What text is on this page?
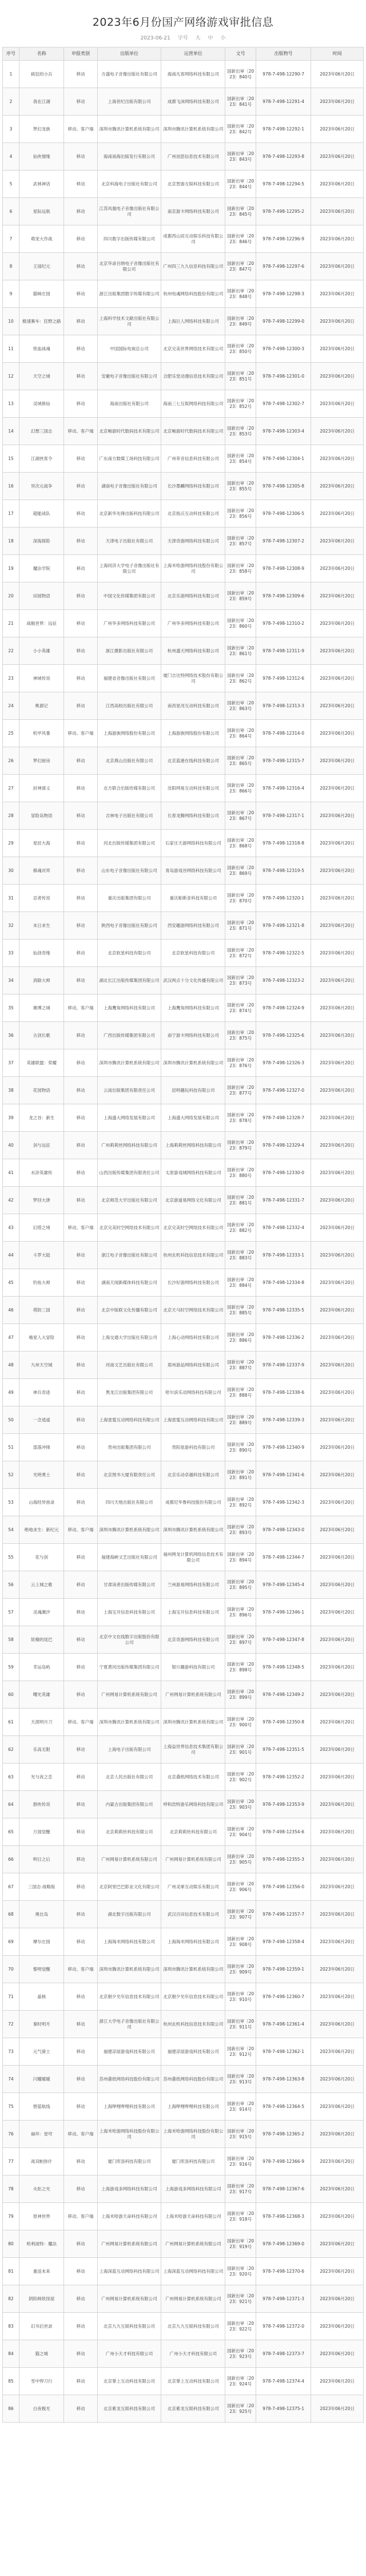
2023年6月份国产网络游戏审批信息
2023-06-21 字号 大 中 小
序号	名称	申报类别	出版单位	运营单位	文号	出版物号	时间
1	疯狂的小兵	移动	方盛电子音像出版社有限公司	海南凡客网络科技有限公司	国新出审〔2023〕840号	978-7-498-12290-7	2023年06月20日
2	我在江湖	移动	上海世纪出版有限公司	成都飞沫网络科技有限公司	国新出审〔2023〕841号	978-7-498-12291-4	2023年06月20日
3	梦幻龙族	移动、客户端	深圳市腾讯计算机系统有限公司	深圳市腾讯计算机系统有限公司	国新出审〔2023〕842号	978-7-498-12292-1	2023年06月20日
4	仙侠情缘	移动	海南南海出版发行有限公司	广州创思信息技术有限公司	国新出审〔2023〕843号	978-7-498-12293-8	2023年06月20日
5	武林神话	移动	北京科海电子出版社有限公司	北京智游互娱科技有限公司	国新出审〔2023〕844号	978-7-498-12294-5	2023年06月20日
6	星际远航	移动	江苏凤凰电子音像出版社有限公司	南京游卡网络科技有限公司	国新出审〔2023〕845号	978-7-498-12295-2	2023年06月20日
7	萌宠大作战	移动	四川数字出版传媒有限公司	成都西山居互动娱乐科技有限公司	国新出审〔2023〕846号	978-7-498-12296-9	2023年06月20日
8	王国纪元	移动	北京华录百纳电子音像出版社有限公司	广州四三九九信息科技有限公司	国新出审〔2023〕847号	978-7-498-12297-6	2023年06月20日
9	猫咪庄园	移动	浙江出版集团数字传媒有限公司	杭州电魂网络科技股份有限公司	国新出审〔2023〕848号	978-7-498-12298-3	2023年06月20日
10	极速赛车：狂野之路	移动	上海科学技术文献出版社有限公司	上海巨人网络科技有限公司	国新出审〔2023〕849号	978-7-498-12299-0	2023年06月20日
11	铁血战魂	移动	中国国际电视总公司	北京完美世界网络技术有限公司	国新出审〔2023〕850号	978-7-498-12300-3	2023年06月20日
12	天空之城	移动	安徽电子音像出版社有限公司	合肥乐堂动漫信息技术有限公司	国新出审〔2023〕851号	978-7-498-12301-0	2023年06月20日
13	灵域修仙	移动	海南出版社有限公司	海南三七互娱网络科技有限公司	国新出审〔2023〕852号	978-7-498-12302-7	2023年06月20日
14	幻想三国志	移动、客户端	北京畅游时代数码技术有限公司	北京畅游时代数码技术有限公司	国新出审〔2023〕853号	978-7-498-12303-4	2023年06月20日
15	江湖侠客令	移动	广东南方数媒工场科技有限公司	广州菲音信息科技有限公司	国新出审〔2023〕854号	978-7-498-12304-1	2023年06月20日
16	异次元战争	移动	湖南电子音像出版社有限公司	长沙墨麟网络科技有限公司	国新出审〔2023〕855号	978-7-498-12305-8	2023年06月20日
17	超能战队	移动	北京新华先锋出版科技有限公司	北京指点互动科技有限公司	国新出审〔2023〕856号	978-7-498-12306-5	2023年06月20日
18	深海探险	移动	天津电子出版社有限公司	天津奇游网络科技有限公司	国新出审〔2023〕857号	978-7-498-12307-2	2023年06月20日
19	魔法学院	移动	上海同济大学电子音像出版社有限公司	上海米哈游网络科技股份有限公司	国新出审〔2023〕858号	978-7-498-12308-9	2023年06月20日
20	田园物语	移动	中国文化传媒集团有限公司	北京乐游网络科技有限公司	国新出审〔2023〕859号	978-7-498-12309-6	2023年06月20日
21	战舰世界：远征	移动	广州华多网络科技有限公司	广州华多网络科技有限公司	国新出审〔2023〕860号	978-7-498-12310-2	2023年06月20日
22	小小英雄	移动	浙江摄影出版社有限公司	杭州盛天网络科技有限公司	国新出审〔2023〕861号	978-7-498-12311-9	2023年06月20日
23	神域传说	移动	福建省音像出版社有限公司	厦门吉比特网络技术股份有限公司	国新出审〔2023〕862号	978-7-498-12312-6	2023年06月20日
24	桃源记	移动	江西高校出版社有限公司	南昌星河互动科技有限公司	国新出审〔2023〕863号	978-7-498-12313-3	2023年06月20日
25	机甲风暴	移动、客户端	上海游族网络股份有限公司	上海游族网络股份有限公司	国新出审〔2023〕864号	978-7-498-12314-0	2023年06月20日
26	梦幻厨房	移动	北京燕山出版社有限公司	北京蓝港在线科技有限公司	国新出审〔2023〕865号	978-7-498-12315-7	2023年06月20日
27	封神演义	移动	北方联合出版传媒有限公司	沈阳网易互动科技有限公司	国新出审〔2023〕866号	978-7-498-12316-4	2023年06月20日
28	冒险岛物语	移动	吉林电子出版社有限公司	长春龙腾网络科技有限公司	国新出审〔2023〕867号	978-7-498-12317-1	2023年06月20日
29	星辰大海	移动	河北出版传媒集团有限公司	石家庄天游网络科技有限公司	国新出审〔2023〕868号	978-7-498-12318-8	2023年06月20日
30	棋魂对弈	移动	山东电子音像出版社有限公司	青岛游戏谷网络科技有限公司	国新出审〔2023〕869号	978-7-498-12319-5	2023年06月20日
31	忍者传说	移动	重庆出版集团有限公司	重庆帕斯亚科技有限公司	国新出审〔2023〕870号	978-7-498-12320-1	2023年06月20日
32	末日求生	移动	陕西电子音像出版社有限公司	西安趣游网络科技有限公司	国新出审〔2023〕871号	978-7-498-12321-8	2023年06月20日
33	仙剑奇缘	移动	北京软星科技有限公司	北京软星科技有限公司	国新出审〔2023〕872号	978-7-498-12322-5	2023年06月20日
34	消除大师	移动	湖北长江出版传媒集团有限公司	武汉两点十分文化传播有限公司	国新出审〔2023〕873号	978-7-498-12323-2	2023年06月20日
35	赛博之城	移动、客户端	上海鹰角网络科技有限公司	上海鹰角网络科技有限公司	国新出审〔2023〕874号	978-7-498-12324-9	2023年06月20日
36	古剑长歌	移动	广西出版传媒集团有限公司	南宁游卡网络科技有限公司	国新出审〔2023〕875号	978-7-498-12325-6	2023年06月20日
37	英雄联盟：荣耀	移动	深圳市腾讯计算机系统有限公司	深圳市腾讯计算机系统有限公司	国新出审〔2023〕876号	978-7-498-12326-3	2023年06月20日
38	花园物语	移动	云南出版集团有限责任公司	昆明趣玩科技有限公司	国新出审〔2023〕877号	978-7-498-12327-0	2023年06月20日
39	龙之谷：新生	移动	上海盛大网络发展有限公司	上海盛大网络发展有限公司	国新出审〔2023〕878号	978-7-498-12328-7	2023年06月20日
40	剑与远征	移动	广州莉莉丝网络科技有限公司	上海莉莉丝网络科技有限公司	国新出审〔2023〕879号	978-7-498-12329-4	2023年06月20日
41	水浒英雄传	移动	山西出版传媒集团有限责任公司	太原游戏城网络科技有限公司	国新出审〔2023〕880号	978-7-498-12330-0	2023年06月20日
42	梦回大唐	移动	北京师范大学出版社有限公司	北京游道易网络文化有限公司	国新出审〔2023〕881号	978-7-498-12331-7	2023年06月20日
43	幻塔之境	移动、客户端	北京完美时空网络技术有限公司	北京完美时空网络技术有限公司	国新出审〔2023〕882号	978-7-498-12332-4	2023年06月20日
44	斗罗大陆	移动	浙江电子音像出版社有限公司	杭州玄机科技信息技术有限公司	国新出审〔2023〕883号	978-7-498-12333-1	2023年06月20日
45	钓鱼大师	移动	湖南天闻新媒体科技有限公司	长沙好游网络科技有限公司	国新出审〔2023〕884号	978-7-498-12334-8	2023年06月20日
46	塔防三国	移动	北京中版联文化传播有限公司	北京天马时空网络技术有限公司	国新出审〔2023〕885号	978-7-498-12335-5	2023年06月20日
47	喵星人大冒险	移动	上海交通大学出版社有限公司	上海心动网络科技有限公司	国新出审〔2023〕886号	978-7-498-12336-2	2023年06月20日
48	九州天空城	移动	河南文艺出版社有限公司	郑州游品网络科技有限公司	国新出审〔2023〕887号	978-7-498-12337-9	2023年06月20日
49	神兵奇迹	移动	黑龙江出版集团有限公司	哈尔滨乐动网络科技有限公司	国新出审〔2023〕888号	978-7-498-12338-6	2023年06月20日
50	一念逍遥	移动	上海雷霆互动网络科技有限公司	上海雷霆互动网络科技有限公司	国新出审〔2023〕889号	978-7-498-12339-3	2023年06月20日
51	部落冲锋	移动	贵州出版集团有限公司	贵阳星游科技有限公司	国新出审〔2023〕890号	978-7-498-12340-9	2023年06月20日
52	光明勇士	移动	北京图书大厦有限责任公司	北京乐动卓越科技有限公司	国新出审〔2023〕891号	978-7-498-12341-6	2023年06月20日
53	山海经异兽录	移动	四川天地出版社有限公司	成都尼毕鲁科技股份有限公司	国新出审〔2023〕892号	978-7-498-12342-3	2023年06月20日
54	绝地求生：新纪元	移动、客户端	深圳市腾讯计算机系统有限公司	深圳市腾讯计算机系统有限公司	国新出审〔2023〕893号	978-7-498-12343-0	2023年06月20日
55	花与剑	移动	福建海峡文艺出版社有限公司	福州网龙计算机网络信息技术有限公司	国新出审〔2023〕894号	978-7-498-12344-7	2023年06月20日
56	云上城之歌	移动	甘肃读者出版传媒有限公司	兰州游易网络科技有限公司	国新出审〔2023〕895号	978-7-498-12345-4	2023年06月20日
57	灵魂潮汐	移动	上海宝开信息科技有限公司	上海宝开信息科技有限公司	国新出审〔2023〕896号	978-7-498-12346-1	2023年06月20日
58	妖精的尾巴	移动	北京中文在线数字出版股份有限公司	北京奇游网络科技有限公司	国新出审〔2023〕897号	978-7-498-12347-8	2023年06月20日
59	幸运岛屿	移动	宁夏黄河出版传媒集团有限公司	银川趣游科技有限公司	国新出审〔2023〕898号	978-7-498-12348-5	2023年06月20日
60	曙光英雄	移动	广州网易计算机系统有限公司	广州网易计算机系统有限公司	国新出审〔2023〕899号	978-7-498-12349-2	2023年06月20日
61	天涯明月刀	移动、客户端	深圳市腾讯计算机系统有限公司	深圳市腾讯计算机系统有限公司	国新出审〔2023〕900号	978-7-498-12350-8	2023年06月20日
62	乐高无限	移动	上海电子出版有限公司	上海益世界信息技术集团有限公司	国新出审〔2023〕901号	978-7-498-12351-5	2023年06月20日
63	光与夜之恋	移动	北京人民出版社有限公司	北京叠纸网络技术有限公司	国新出审〔2023〕902号	978-7-498-12352-2	2023年06月20日
64	群侠传说	移动	内蒙古出版集团有限公司	呼和浩特游乐网络科技有限公司	国新出审〔2023〕903号	978-7-498-12353-9	2023年06月20日
65	万国觉醒	移动	北京莉莉丝科技有限公司	北京莉莉丝科技有限公司	国新出审〔2023〕904号	978-7-498-12354-6	2023年06月20日
66	明日之后	移动	广州网易计算机系统有限公司	广州网易计算机系统有限公司	国新出审〔2023〕905号	978-7-498-12355-3	2023年06月20日
67	三国志·战略版	移动	北京阿里巴巴影业文化有限公司	广州灵犀互动娱乐有限公司	国新出审〔2023〕906号	978-7-498-12356-0	2023年06月20日
68	奥比岛	移动	湖北数字出版有限公司	武汉百田信息技术有限公司	国新出审〔2023〕907号	978-7-498-12357-7	2023年06月20日
69	摩尔庄园	移动	上海淘米网络科技有限公司	上海淘米网络科技有限公司	国新出审〔2023〕908号	978-7-498-12358-4	2023年06月20日
70	黎明觉醒	移动、客户端	深圳市腾讯计算机系统有限公司	深圳市腾讯计算机系统有限公司	国新出审〔2023〕909号	978-7-498-12359-1	2023年06月20日
71	晶核	移动	北京朝夕光年信息技术有限公司	北京朝夕光年信息技术有限公司	国新出审〔2023〕910号	978-7-498-12360-7	2023年06月20日
72	秦时明月	移动	浙江大学电子音像出版社有限公司	杭州玄机科技信息技术有限公司	国新出审〔2023〕911号	978-7-498-12361-4	2023年06月20日
73	元气骑士	移动	福建凉屋游戏科技有限公司	福建凉屋游戏科技有限公司	国新出审〔2023〕912号	978-7-498-12362-1	2023年06月20日
74	闪耀暖暖	移动	苏州叠纸网络科技股份有限公司	苏州叠纸网络科技股份有限公司	国新出审〔2023〕913号	978-7-498-12363-8	2023年06月20日
75	碧蓝航线	移动	上海哔哩哔哩科技有限公司	上海哔哩哔哩科技有限公司	国新出审〔2023〕914号	978-7-498-12364-5	2023年06月20日
76	崩坏：星穹	移动、客户端	上海米哈游网络科技股份有限公司	上海米哈游网络科技股份有限公司	国新出审〔2023〕915号	978-7-498-12365-2	2023年06月20日
77	战双帕弥什	移动	厦门库洛科技有限公司	厦门库洛科技有限公司	国新出审〔2023〕916号	978-7-498-12366-9	2023年06月20日
78	火炬之光	移动	上海游戏多网络科技有限公司	上海游戏多网络科技有限公司	国新出审〔2023〕917号	978-7-498-12367-6	2023年06月20日
79	原神世界	移动、客户端	上海米哈游天命科技有限公司	上海米哈游天命科技有限公司	国新出审〔2023〕918号	978-7-498-12368-3	2023年06月20日
80	哈利波特：魔法	移动	广州网易计算机系统有限公司	广州网易计算机系统有限公司	国新出审〔2023〕919号	978-7-498-12369-0	2023年06月20日
81	重返未来	移动	上海深蓝互动网络科技有限公司	上海深蓝互动网络科技有限公司	国新出审〔2023〕920号	978-7-498-12370-6	2023年06月20日
82	阴阳师妖怪屋	移动	广州网易计算机系统有限公司	广州网易计算机系统有限公司	国新出审〔2023〕921号	978-7-498-12371-3	2023年06月20日
83	幻书启世录	移动	北京九九互娱科技有限公司	北京九九互娱科技有限公司	国新出审〔2023〕922号	978-7-498-12372-0	2023年06月20日
84	猫之城	移动	广州小天才科技有限公司	广州小天才科技有限公司	国新出审〔2023〕923号	978-7-498-12373-7	2023年06月20日
85	雪中悍刀行	移动	北京掌上互动科技有限公司	北京掌上互动科技有限公司	国新出审〔2023〕924号	978-7-498-12374-4	2023年06月20日
86	白夜极光	移动	北京紫龙互娱科技有限公司	北京紫龙互娱科技有限公司	国新出审〔2023〕925号	978-7-498-12375-1	2023年06月20日
